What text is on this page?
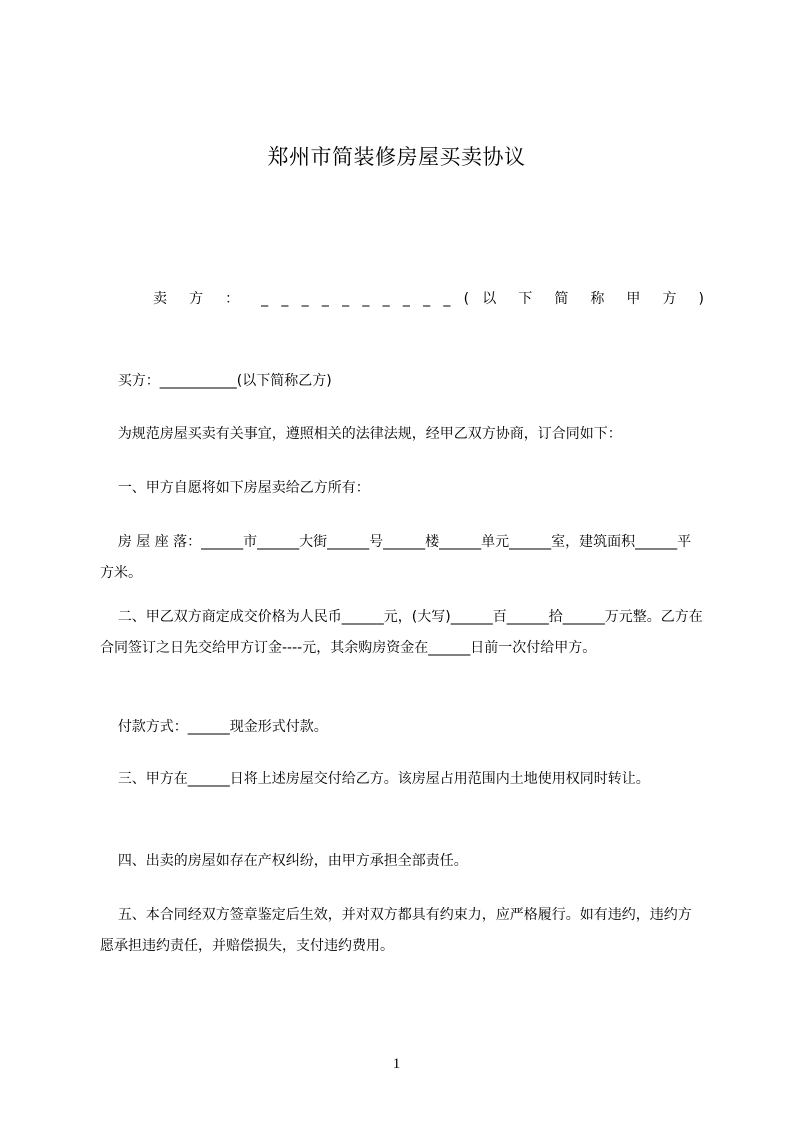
郑州市简装修房屋买卖协议
卖 方 ： _ _ _ _ _ _ _ _ _ _ ( 以 下 简 称 甲 方 )
买方：___________(以下简称乙方)
为规范房屋买卖有关事宜，遵照相关的法律法规，经甲乙双方协商，订合同如下：
一、甲方自愿将如下房屋卖给乙方所有：
房 屋 座 落：______市______大街______号______楼______单元______室，建筑面积______平方米。
二、甲乙双方商定成交价格为人民币______元，(大写)______百______拾______万元整。乙方在合同签订之日先交给甲方订金----元，其余购房资金在______日前一次付给甲方。
付款方式：______现金形式付款。
三、甲方在______日将上述房屋交付给乙方。该房屋占用范围内土地使用权同时转让。
四、出卖的房屋如存在产权纠纷，由甲方承担全部责任。
五、本合同经双方签章鉴定后生效，并对双方都具有约束力，应严格履行。如有违约，违约方愿承担违约责任，并赔偿损失，支付违约费用。
1
